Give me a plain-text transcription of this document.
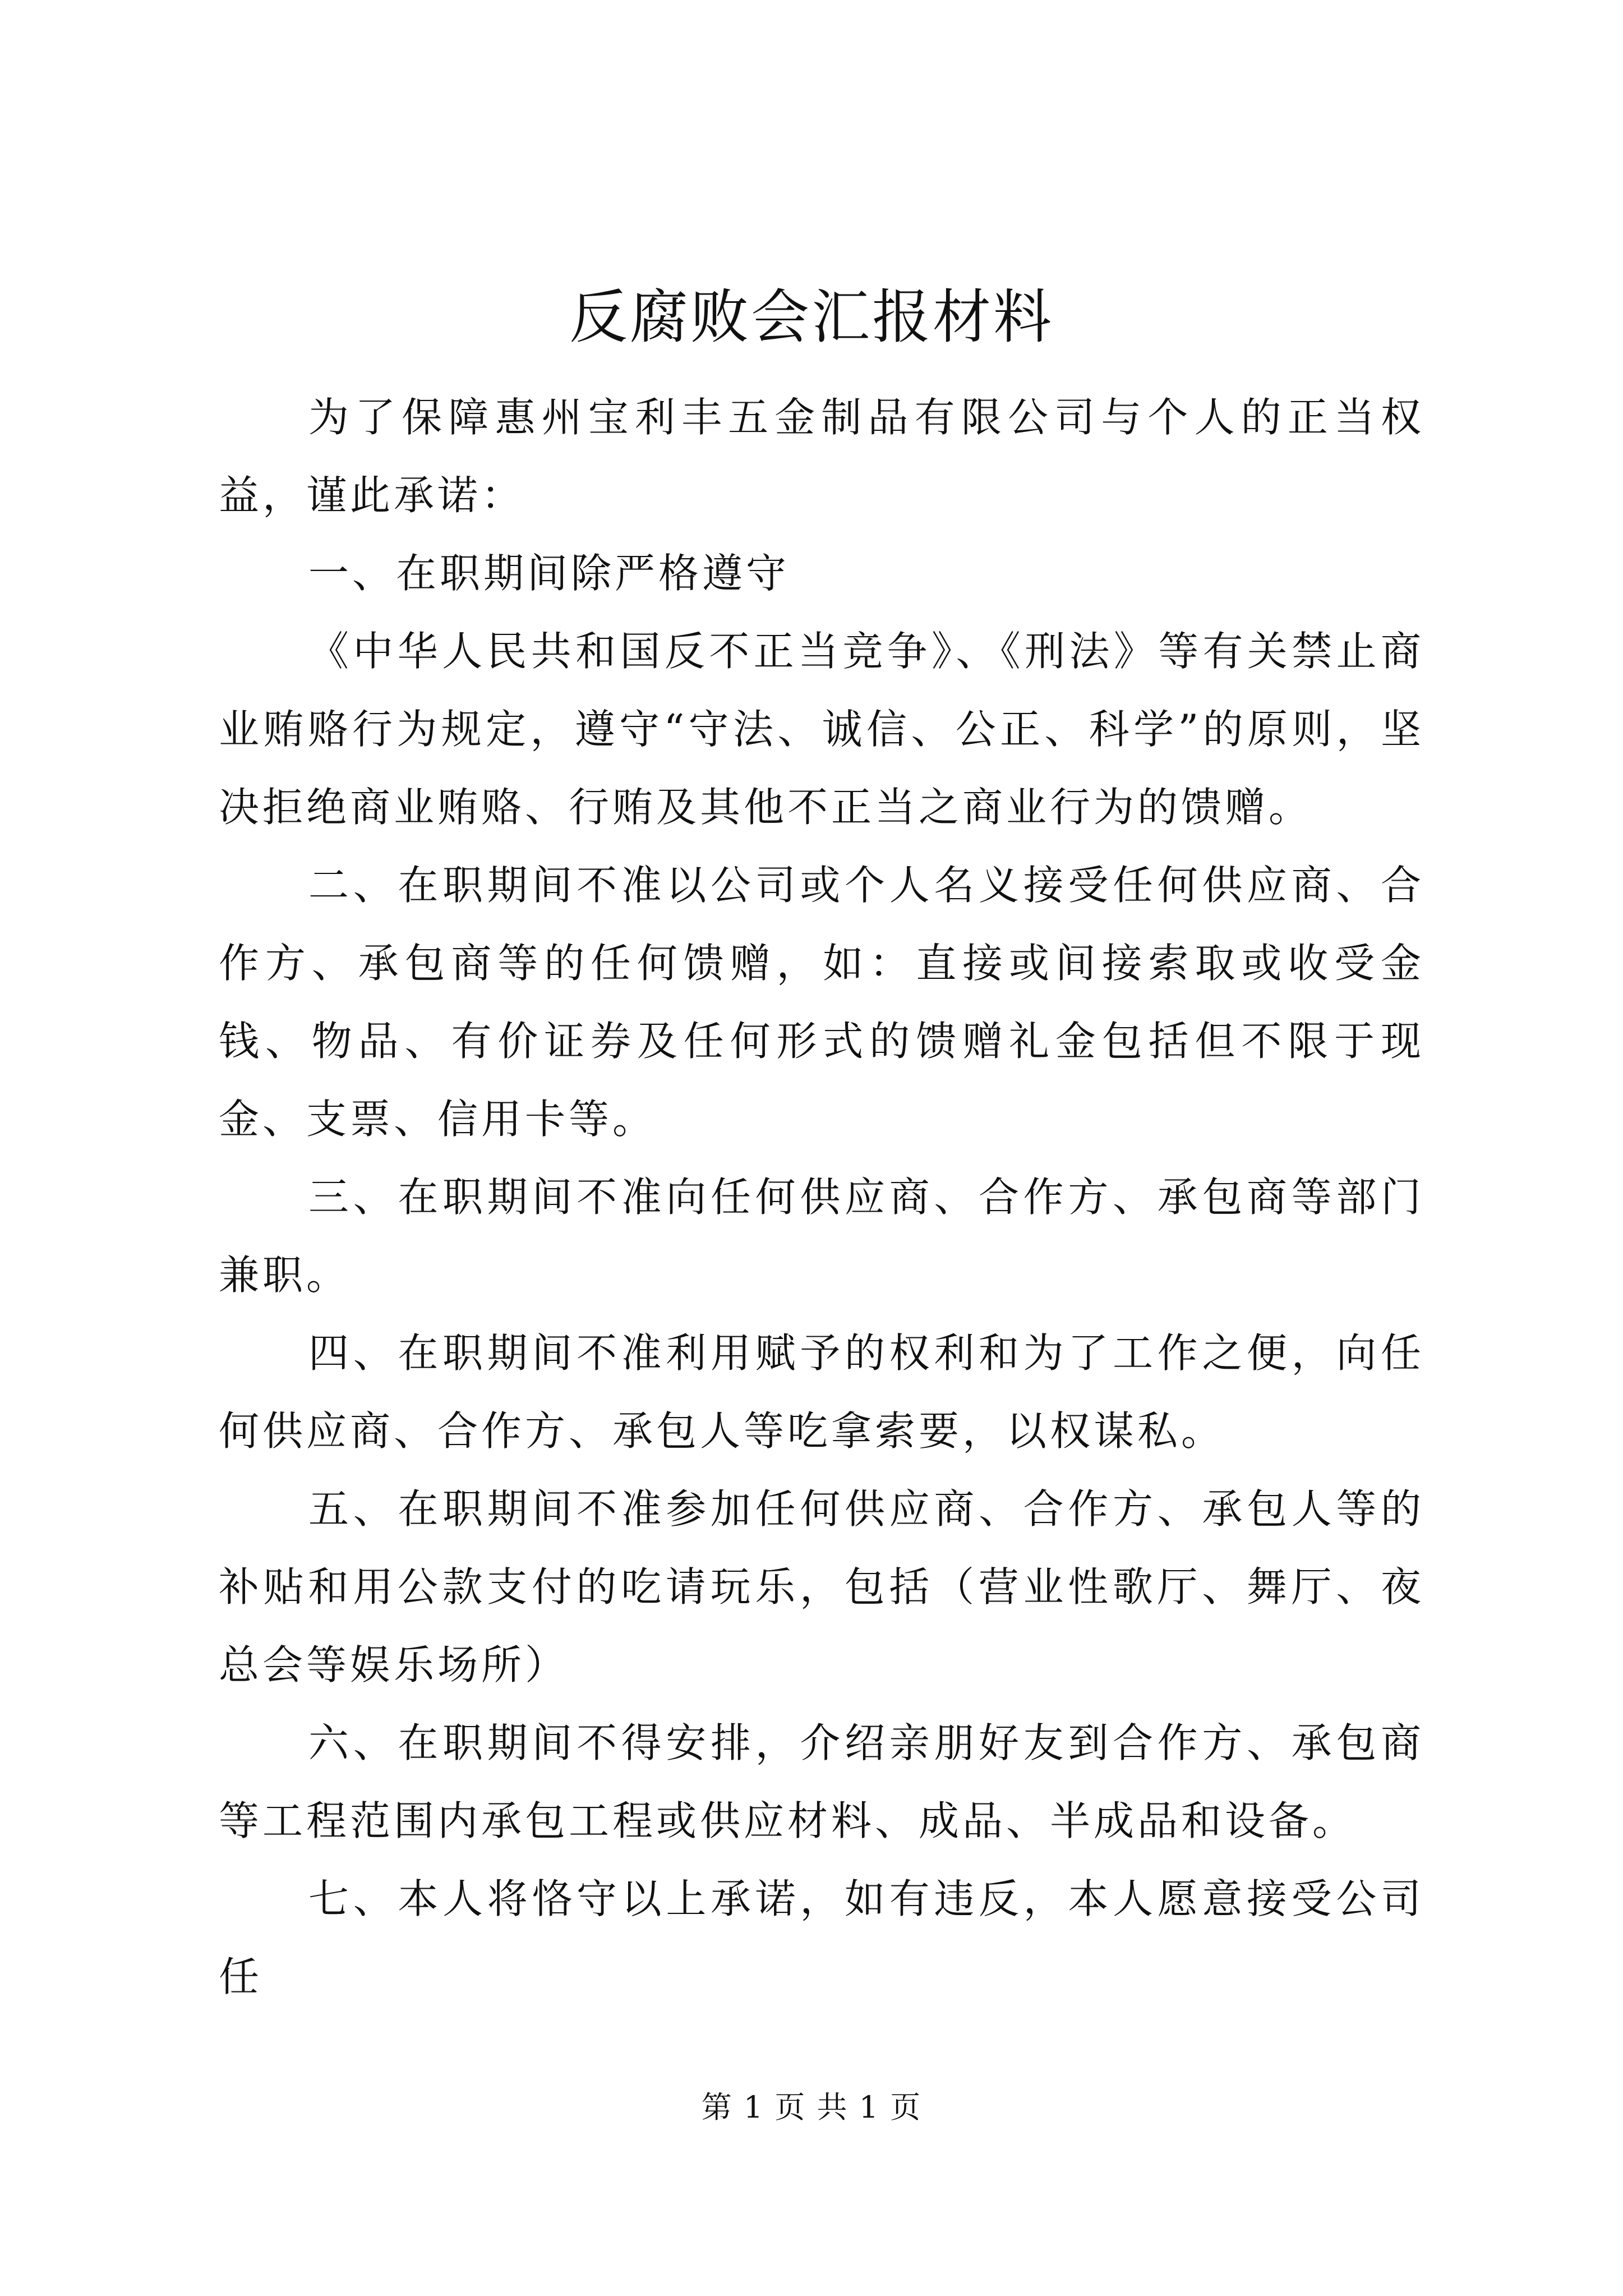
反腐败会汇报材料

为了保障惠州宝利丰五金制品有限公司与个人的正当权益，谨此承诺：

一、在职期间除严格遵守

《中华人民共和国反不正当竞争》、《刑法》等有关禁止商业贿赂行为规定，遵守“守法、诚信、公正、科学”的原则，坚决拒绝商业贿赂、行贿及其他不正当之商业行为的馈赠。

二、在职期间不准以公司或个人名义接受任何供应商、合作方、承包商等的任何馈赠，如：直接或间接索取或收受金钱、物品、有价证券及任何形式的馈赠礼金包括但不限于现金、支票、信用卡等。

三、在职期间不准向任何供应商、合作方、承包商等部门兼职。

四、在职期间不准利用赋予的权利和为了工作之便，向任何供应商、合作方、承包人等吃拿索要，以权谋私。

五、在职期间不准参加任何供应商、合作方、承包人等的补贴和用公款支付的吃请玩乐，包括（营业性歌厅、舞厅、夜总会等娱乐场所）

六、在职期间不得安排，介绍亲朋好友到合作方、承包商等工程范围内承包工程或供应材料、成品、半成品和设备。

七、本人将恪守以上承诺，如有违反，本人愿意接受公司任

第 1 页 共 1 页
